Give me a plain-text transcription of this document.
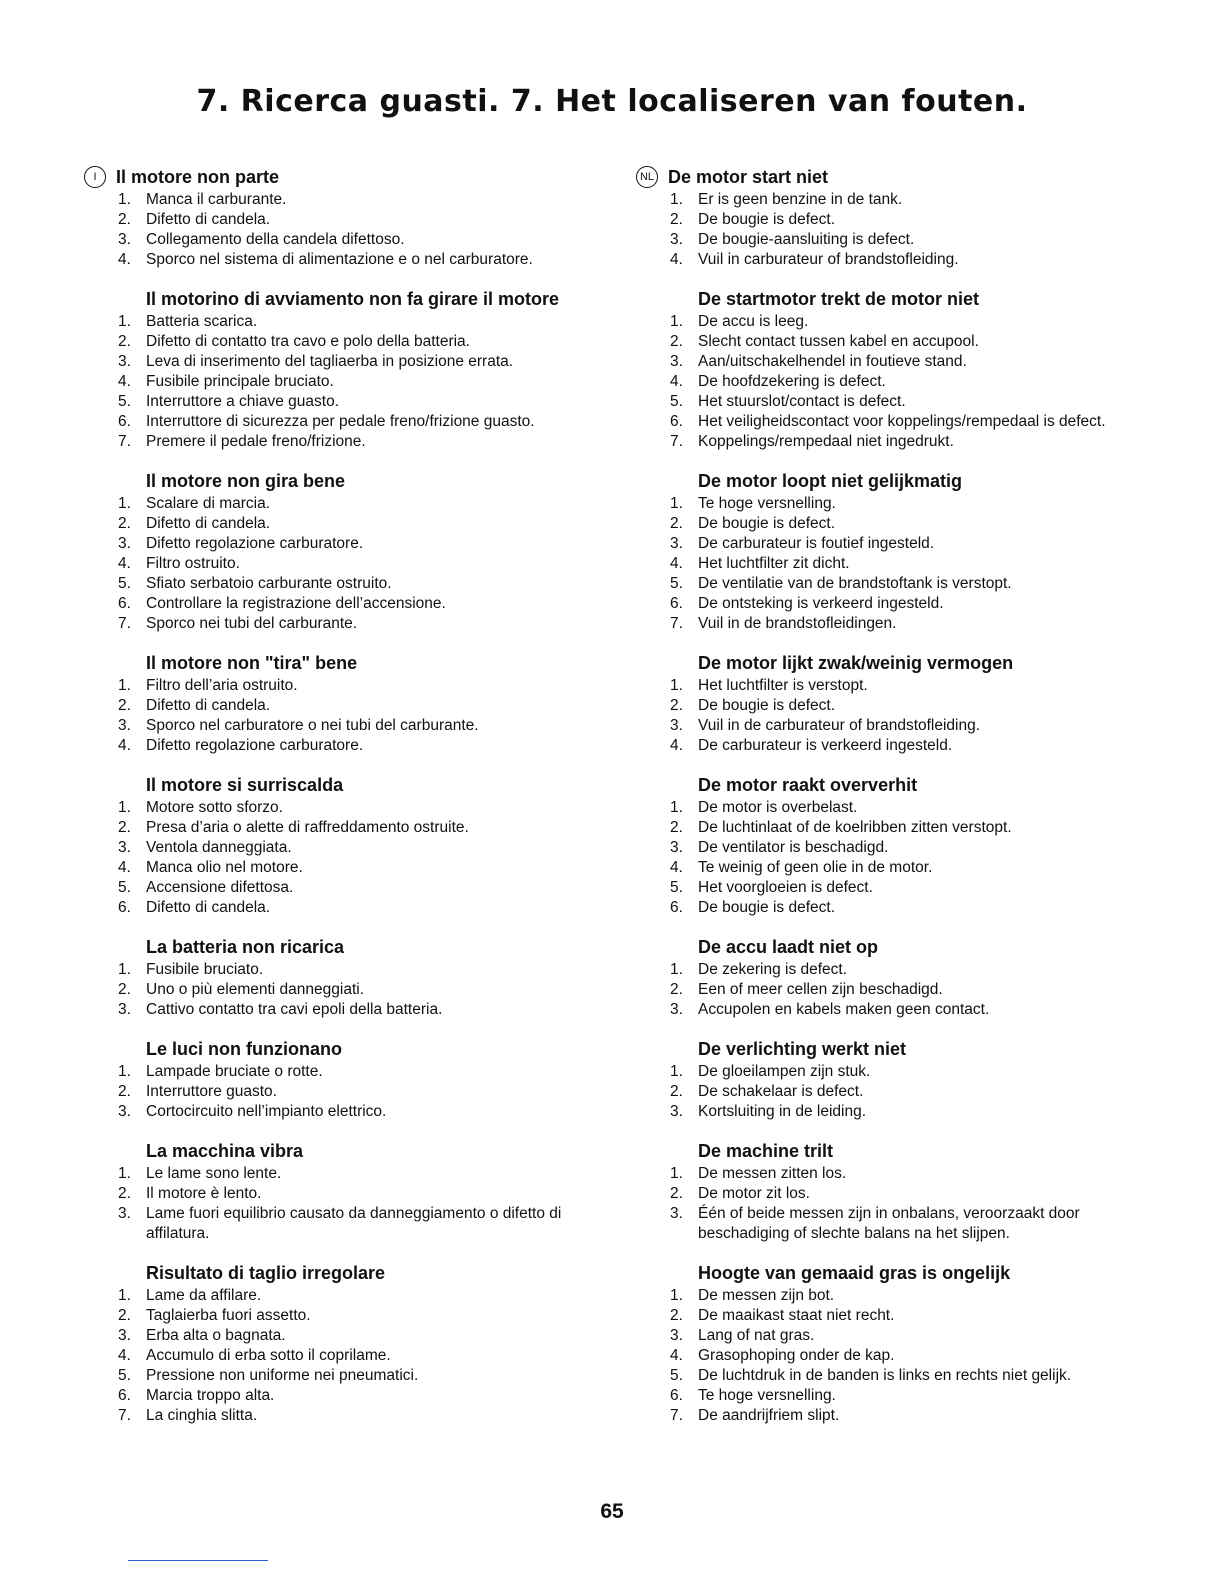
7. Ricerca guasti. 7. Het localiseren van fouten.
I	Il motore non parte
1. Manca il carburante.
2. Difetto di candela.
3. Collegamento della candela difettoso.
4. Sporco nel sistema di alimentazione e o nel carburatore.
Il motorino di avviamento non fa girare il motore
1. Batteria scarica.
2. Difetto di contatto tra cavo e polo della batteria.
3. Leva di inserimento del tagliaerba in posizione errata.
4. Fusibile principale bruciato.
5. Interruttore a chiave guasto.
6. Interruttore di sicurezza per pedale freno/frizione guasto.
7. Premere il pedale freno/frizione.
Il motore non gira bene
1. Scalare di marcia.
2. Difetto di candela.
3. Difetto regolazione carburatore.
4. Filtro ostruito.
5. Sfiato serbatoio carburante ostruito.
6. Controllare la registrazione dell’accensione.
7. Sporco nei tubi del carburante.
Il motore non "tira" bene
1. Filtro dell’aria ostruito.
2. Difetto di candela.
3. Sporco nel carburatore o nei tubi del carburante.
4. Difetto regolazione carburatore.
Il motore si surriscalda
1. Motore sotto sforzo.
2. Presa d’aria o alette di raffreddamento ostruite.
3. Ventola danneggiata.
4. Manca olio nel motore.
5. Accensione difettosa.
6. Difetto di candela.
La batteria non ricarica
1. Fusibile bruciato.
2. Uno o più elementi danneggiati.
3. Cattivo contatto tra cavi epoli della batteria.
Le luci non funzionano
1. Lampade bruciate o rotte.
2. Interruttore guasto.
3. Cortocircuito nell’impianto elettrico.
La macchina vibra
1. Le lame sono lente.
2. Il motore è lento.
3. Lame fuori equilibrio causato da danneggiamento o difetto di affilatura.
Risultato di taglio irregolare
1. Lame da affilare.
2. Taglaierba fuori assetto.
3. Erba alta o bagnata.
4. Accumulo di erba sotto il coprilame.
5. Pressione non uniforme nei pneumatici.
6. Marcia troppo alta.
7. La cinghia slitta.
NL De motor start niet
1. Er is geen benzine in de tank.
2. De bougie is defect.
3. De bougie-aansluiting is defect.
4. Vuil in carburateur of brandstofleiding.
De startmotor trekt de motor niet
1. De accu is leeg.
2. Slecht contact tussen kabel en accupool.
3. Aan/uitschakelhendel in foutieve stand.
4. De hoofdzekering is defect.
5. Het stuurslot/contact is defect.
6. Het veiligheidscontact voor koppelings/rempedaal is defect.
7. Koppelings/rempedaal niet ingedrukt.
De motor loopt niet gelijkmatig
1. Te hoge versnelling.
2. De bougie is defect.
3. De carburateur is foutief ingesteld.
4. Het luchtfilter zit dicht.
5. De ventilatie van de brandstoftank is verstopt.
6. De ontsteking is verkeerd ingesteld.
7. Vuil in de brandstofleidingen.
De motor lijkt zwak/weinig vermogen
1. Het luchtfilter is verstopt.
2. De bougie is defect.
3. Vuil in de carburateur of brandstofleiding.
4. De carburateur is verkeerd ingesteld.
De motor raakt oververhit
1. De motor is overbelast.
2. De luchtinlaat of de koelribben zitten verstopt.
3. De ventilator is beschadigd.
4. Te weinig of geen olie in de motor.
5. Het voorgloeien is defect.
6. De bougie is defect.
De accu laadt niet op
1. De zekering is defect.
2. Een of meer cellen zijn beschadigd.
3. Accupolen en kabels maken geen contact.
De verlichting werkt niet
1. De gloeilampen zijn stuk.
2. De schakelaar is defect.
3. Kortsluiting in de leiding.
De machine trilt
1. De messen zitten los.
2. De motor zit los.
3. Één of beide messen zijn in onbalans, veroorzaakt door beschadiging of slechte balans na het slijpen.
Hoogte van gemaaid gras is ongelijk
1. De messen zijn bot.
2. De maaikast staat niet recht.
3. Lang of nat gras.
4. Grasophoping onder de kap.
5. De luchtdruk in de banden is links en rechts niet gelijk.
6. Te hoge versnelling.
7. De aandrijfriem slipt.
65
